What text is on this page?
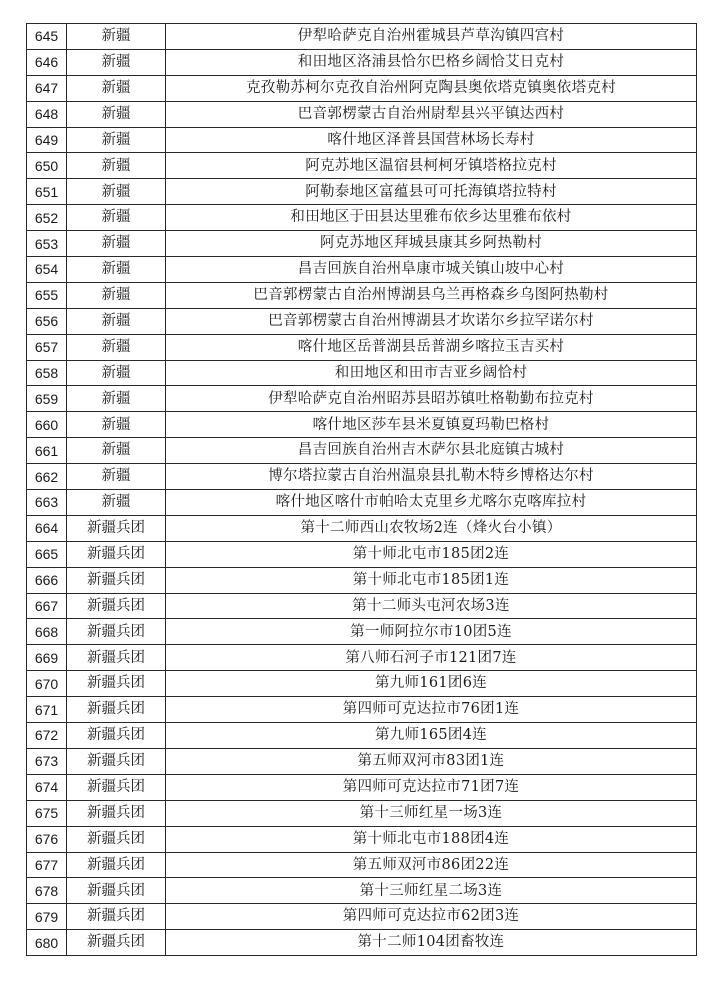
645	新疆	伊犁哈萨克自治州霍城县芦草沟镇四宫村
646	新疆	和田地区洛浦县恰尔巴格乡阔恰艾日克村
647	新疆	克孜勒苏柯尔克孜自治州阿克陶县奥依塔克镇奥依塔克村
648	新疆	巴音郭楞蒙古自治州尉犁县兴平镇达西村
649	新疆	喀什地区泽普县国营林场长寿村
650	新疆	阿克苏地区温宿县柯柯牙镇塔格拉克村
651	新疆	阿勒泰地区富蕴县可可托海镇塔拉特村
652	新疆	和田地区于田县达里雅布依乡达里雅布依村
653	新疆	阿克苏地区拜城县康其乡阿热勒村
654	新疆	昌吉回族自治州阜康市城关镇山坡中心村
655	新疆	巴音郭楞蒙古自治州博湖县乌兰再格森乡乌图阿热勒村
656	新疆	巴音郭楞蒙古自治州博湖县才坎诺尔乡拉罕诺尔村
657	新疆	喀什地区岳普湖县岳普湖乡喀拉玉吉买村
658	新疆	和田地区和田市吉亚乡阔恰村
659	新疆	伊犁哈萨克自治州昭苏县昭苏镇吐格勒勤布拉克村
660	新疆	喀什地区莎车县米夏镇夏玛勒巴格村
661	新疆	昌吉回族自治州吉木萨尔县北庭镇古城村
662	新疆	博尔塔拉蒙古自治州温泉县扎勒木特乡博格达尔村
663	新疆	喀什地区喀什市帕哈太克里乡尤喀尔克喀库拉村
664	新疆兵团	第十二师西山农牧场2连（烽火台小镇）
665	新疆兵团	第十师北屯市185团2连
666	新疆兵团	第十师北屯市185团1连
667	新疆兵团	第十二师头屯河农场3连
668	新疆兵团	第一师阿拉尔市10团5连
669	新疆兵团	第八师石河子市121团7连
670	新疆兵团	第九师161团6连
671	新疆兵团	第四师可克达拉市76团1连
672	新疆兵团	第九师165团4连
673	新疆兵团	第五师双河市83团1连
674	新疆兵团	第四师可克达拉市71团7连
675	新疆兵团	第十三师红星一场3连
676	新疆兵团	第十师北屯市188团4连
677	新疆兵团	第五师双河市86团22连
678	新疆兵团	第十三师红星二场3连
679	新疆兵团	第四师可克达拉市62团3连
680	新疆兵团	第十二师104团畜牧连
